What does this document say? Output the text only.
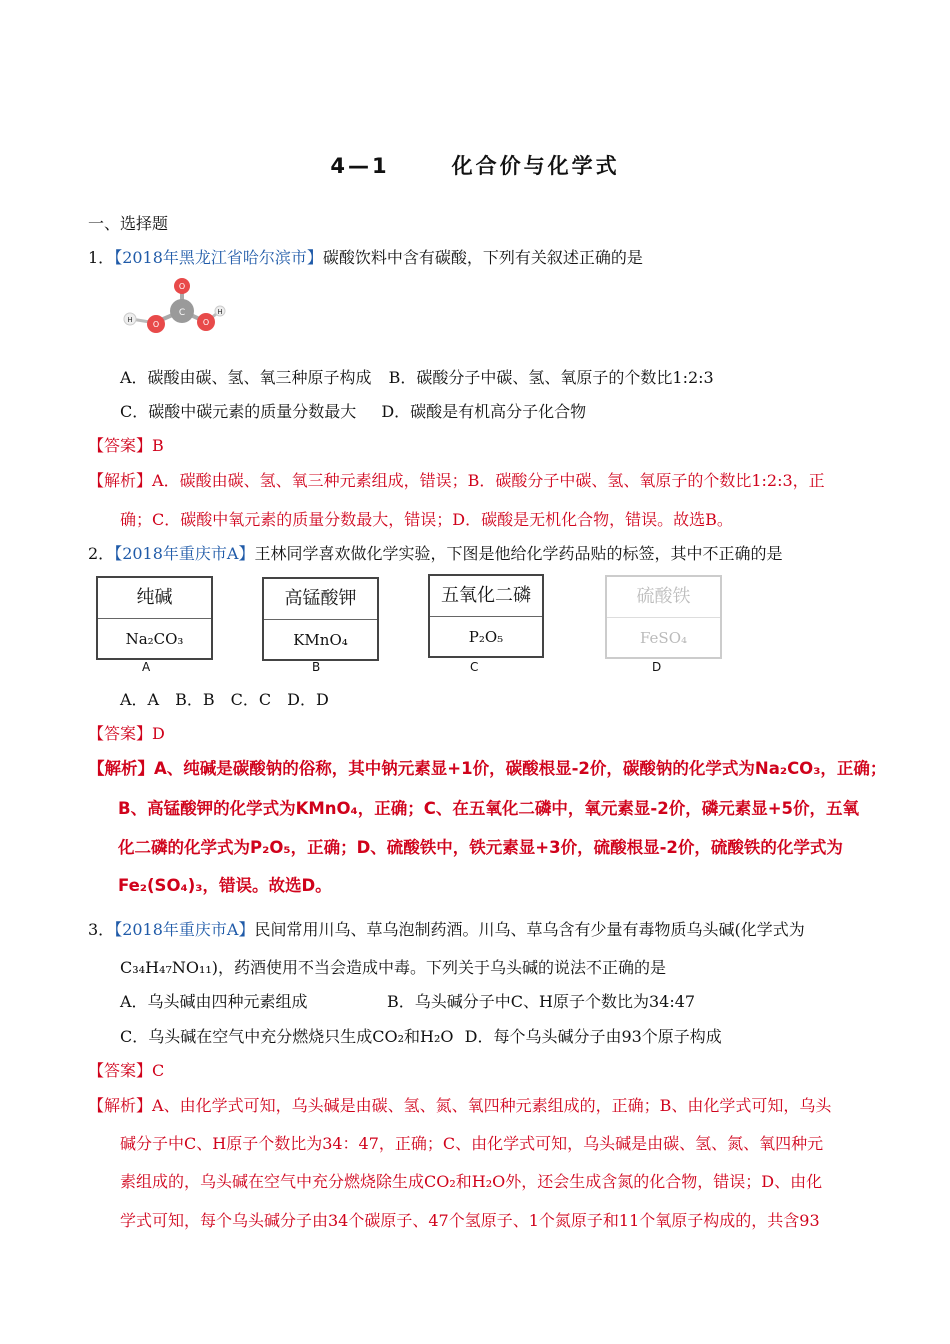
4—1	化合价与化学式
一、选择题
1．【2018年黑龙江省哈尔滨市】碳酸饮料中含有碳酸，下列有关叙述正确的是
O
C
O	O
H
H
A．碳酸由碳、氢、氧三种原子构成 B．碳酸分子中碳、氢、氧原子的个数比1:2:3
C．碳酸中碳元素的质量分数最大 D．碳酸是有机高分子化合物
【答案】B
【解析】A．碳酸由碳、氢、氧三种元素组成，错误；B．碳酸分子中碳、氢、氧原子的个数比1:2:3，正
确；C．碳酸中氧元素的质量分数最大，错误；D．碳酸是无机化合物，错误。故选B。
2．【2018年重庆市A】王林同学喜欢做化学实验，下图是他给化学药品贴的标签，其中不正确的是
纯碱
Na₂CO₃
A
高锰酸钾
KMnO₄
B
五氧化二磷
P₂O₅
C
硫酸铁
FeSO₄
D
A．A　B．B　C．C　D．D
【答案】D
【解析】A、纯碱是碳酸钠的俗称，其中钠元素显+1价，碳酸根显-2价，碳酸钠的化学式为Na₂CO₃，正确；
B、高锰酸钾的化学式为KMnO₄，正确；C、在五氧化二磷中，氧元素显-2价，磷元素显+5价，五氧
化二磷的化学式为P₂O₅，正确；D、硫酸铁中，铁元素显+3价，硫酸根显-2价，硫酸铁的化学式为
Fe₂(SO₄)₃，错误。故选D。
3．【2018年重庆市A】民间常用川乌、草乌泡制药酒。川乌、草乌含有少量有毒物质乌头碱(化学式为
C₃₄H₄₇NO₁₁)，药酒使用不当会造成中毒。下列关于乌头碱的说法不正确的是
A．乌头碱由四种元素组成	B．乌头碱分子中C、H原子个数比为34:47
C．乌头碱在空气中充分燃烧只生成CO₂和H₂O D．每个乌头碱分子由93个原子构成
【答案】C
【解析】A、由化学式可知，乌头碱是由碳、氢、氮、氧四种元素组成的，正确；B、由化学式可知，乌头
碱分子中C、H原子个数比为34：47，正确；C、由化学式可知，乌头碱是由碳、氢、氮、氧四种元
素组成的，乌头碱在空气中充分燃烧除生成CO₂和H₂O外，还会生成含氮的化合物，错误；D、由化
学式可知，每个乌头碱分子由34个碳原子、47个氢原子、1个氮原子和11个氧原子构成的，共含93
